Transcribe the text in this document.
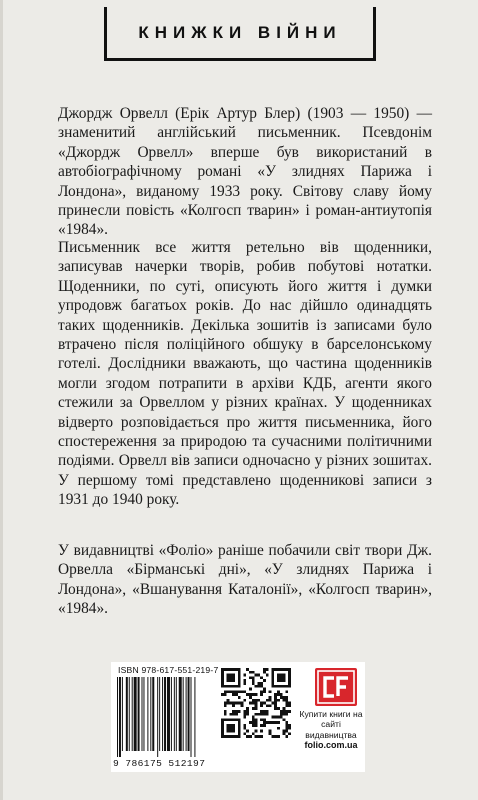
КНИЖКИ ВІЙНИ

Джордж Орвелл (Ерік Артур Блер) (1903 — 1950) — знаменитий англійський письменник. Псевдонім «Джордж Орвелл» вперше був використаний в автобіографічному романі «У злиднях Парижа і Лондона», виданому 1933 року. Світову славу йому принесли повість «Колгосп тварин» і роман-антиутопія «1984».

Письменник все життя ретельно вів щоденники, записував начерки творів, робив побутові нотатки. Щоденники, по суті, описують його життя і думки упродовж багатьох років. До нас дійшло одинадцять таких щоденників. Декілька зошитів із записами було втрачено після поліційного обшуку в барселонському готелі. Дослідники вважають, що частина щоденників могли згодом потрапити в архіви КДБ, агенти якого стежили за Орвеллом у різних країнах. У щоденниках відверто розповідається про життя письменника, його спостереження за природою та сучасними політичними подіями. Орвелл вів записи одночасно у різних зошитах. У першому томі представлено щоденникові записи з 1931 до 1940 року.

У видавництві «Фоліо» раніше побачили світ твори Дж. Орвелла «Бірманські дні», «У злиднях Парижа і Лондона», «Вшанування Каталонії», «Колгосп тварин», «1984».

ISBN 978-617-551-219-7
9 786175 512197
Купити книги на сайті видавництва
folio.com.ua
